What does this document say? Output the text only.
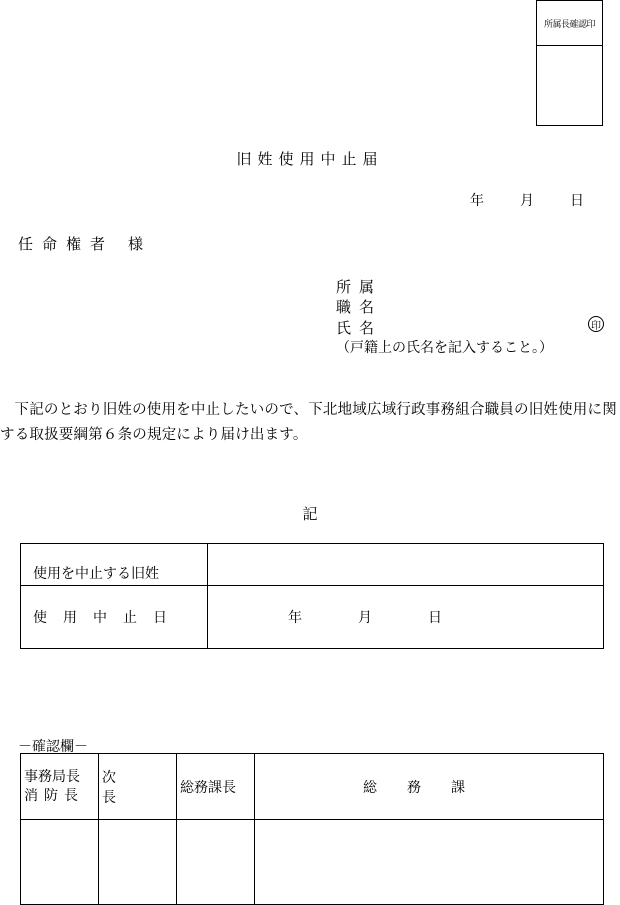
所属長確認印
旧姓使用中止届
年	月	日
任命権者 様
所属
職名
氏名	印
（戸籍上の氏名を記入すること。）
下記のとおり旧姓の使用を中止したいので、下北地域広域行政事務組合職員の旧姓使用に関する取扱要綱第６条の規定により届け出ます。
記
使用を中止する旧姓	
使用中止日	年 月 日
－確認欄－
事務局長
消防長	次長	総務課長	総務課
